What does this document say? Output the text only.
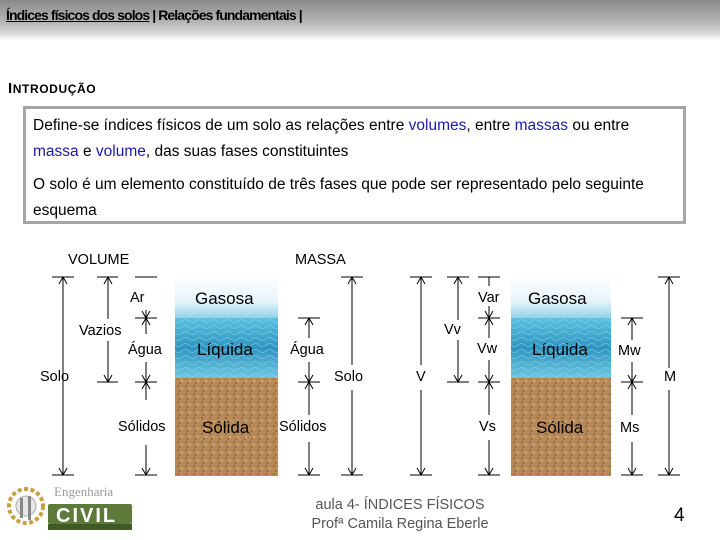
Índices físicos dos solos | Relações fundamentais |
INTRODUÇÃO
Define-se índices físicos de um solo as relações entre volumes, entre massas ou entre massa e volume, das suas fases constituintes
O solo é um elemento constituído de três fases que pode ser representado pelo seguinte esquema
VOLUME	MASSA
Ar
Vazios
Água
Solo
Sólidos
Gasosa
Líquida
Sólida
Água
Solo
Sólidos
Var
Vv
Vw
V
Vs
Gasosa
Líquida
Sólida
Mw
M
Ms
Engenharia
CIVIL	aula 4- ÍNDICES FÍSICOS
Profª Camila Regina Eberle	4
